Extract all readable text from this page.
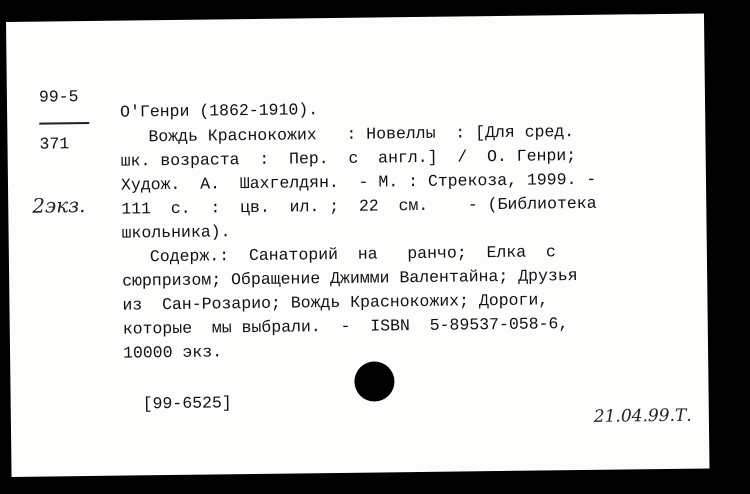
99-5
371
2экз.
О'Генри (1862-1910).
Вождь Краснокожих   : Новеллы  : [Для сред.
шк. возраста  :  Пер.  с  англ.]  /  О. Генри;
Худож.  А.  Шахгелдян.  - М. : Стрекоза, 1999. -
111  с.  :  цв.  ил. ;  22  см.    - (Библиотека
школьника).
Содерж.:  Санаторий  на   ранчо;  Елка  с
сюрпризом; Обращение Джимми Валентайна; Друзья
из  Сан-Розарио; Вождь Краснокожих; Дороги,
которые  мы выбрали.  -  ISBN  5-89537-058-6,
10000 экз.
[99-6525]
21.04.99.Т.
